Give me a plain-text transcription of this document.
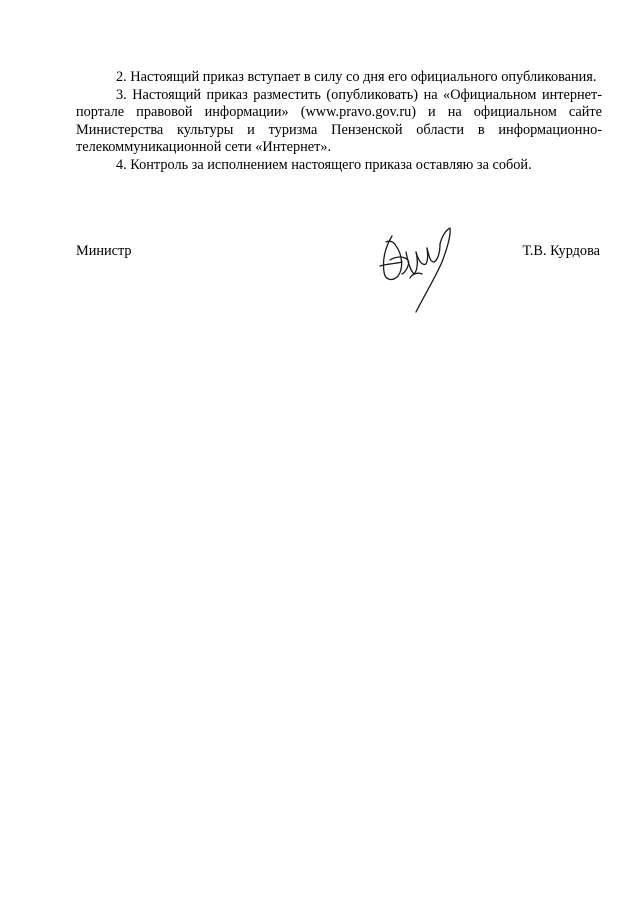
2. Настоящий приказ вступает в силу со дня его официального опубликования.

3. Настоящий приказ разместить (опубликовать) на «Официальном интернет-портале правовой информации» (www.pravo.gov.ru) и на официальном сайте Министерства культуры и туризма Пензенской области в информационно-телекоммуникационной сети «Интернет».

4. Контроль за исполнением настоящего приказа оставляю за собой.

Министр	Т.В. Курдова
